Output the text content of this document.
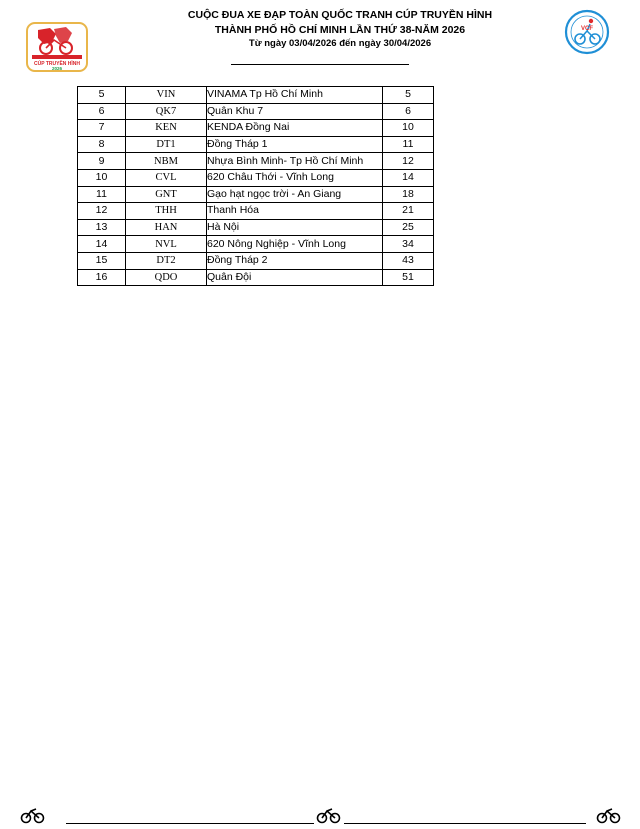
CÚP TRUYỀN HÌNH
2026
CUỘC ĐUA XE ĐẠP TOÀN QUỐC TRANH CÚP TRUYỀN HÌNH
THÀNH PHỐ HỒ CHÍ MINH LẦN THỨ 38-NĂM 2026
Từ ngày 03/04/2026 đến ngày 30/04/2026
VCF
5	VIN	VINAMA Tp Hồ Chí Minh	5
6	QK7	Quân Khu 7	6
7	KEN	KENDA Đồng Nai	10
8	DT1	Đồng Tháp 1	11
9	NBM	Nhựa Bình Minh- Tp Hồ Chí Minh	12
10	CVL	620 Châu Thới - Vĩnh Long	14
11	GNT	Gạo hạt ngọc trời - An Giang	18
12	THH	Thanh Hóa	21
13	HAN	Hà Nội	25
14	NVL	620 Nông Nghiệp - Vĩnh Long	34
15	DT2	Đồng Tháp 2	43
16	QDO	Quân Đội	51
